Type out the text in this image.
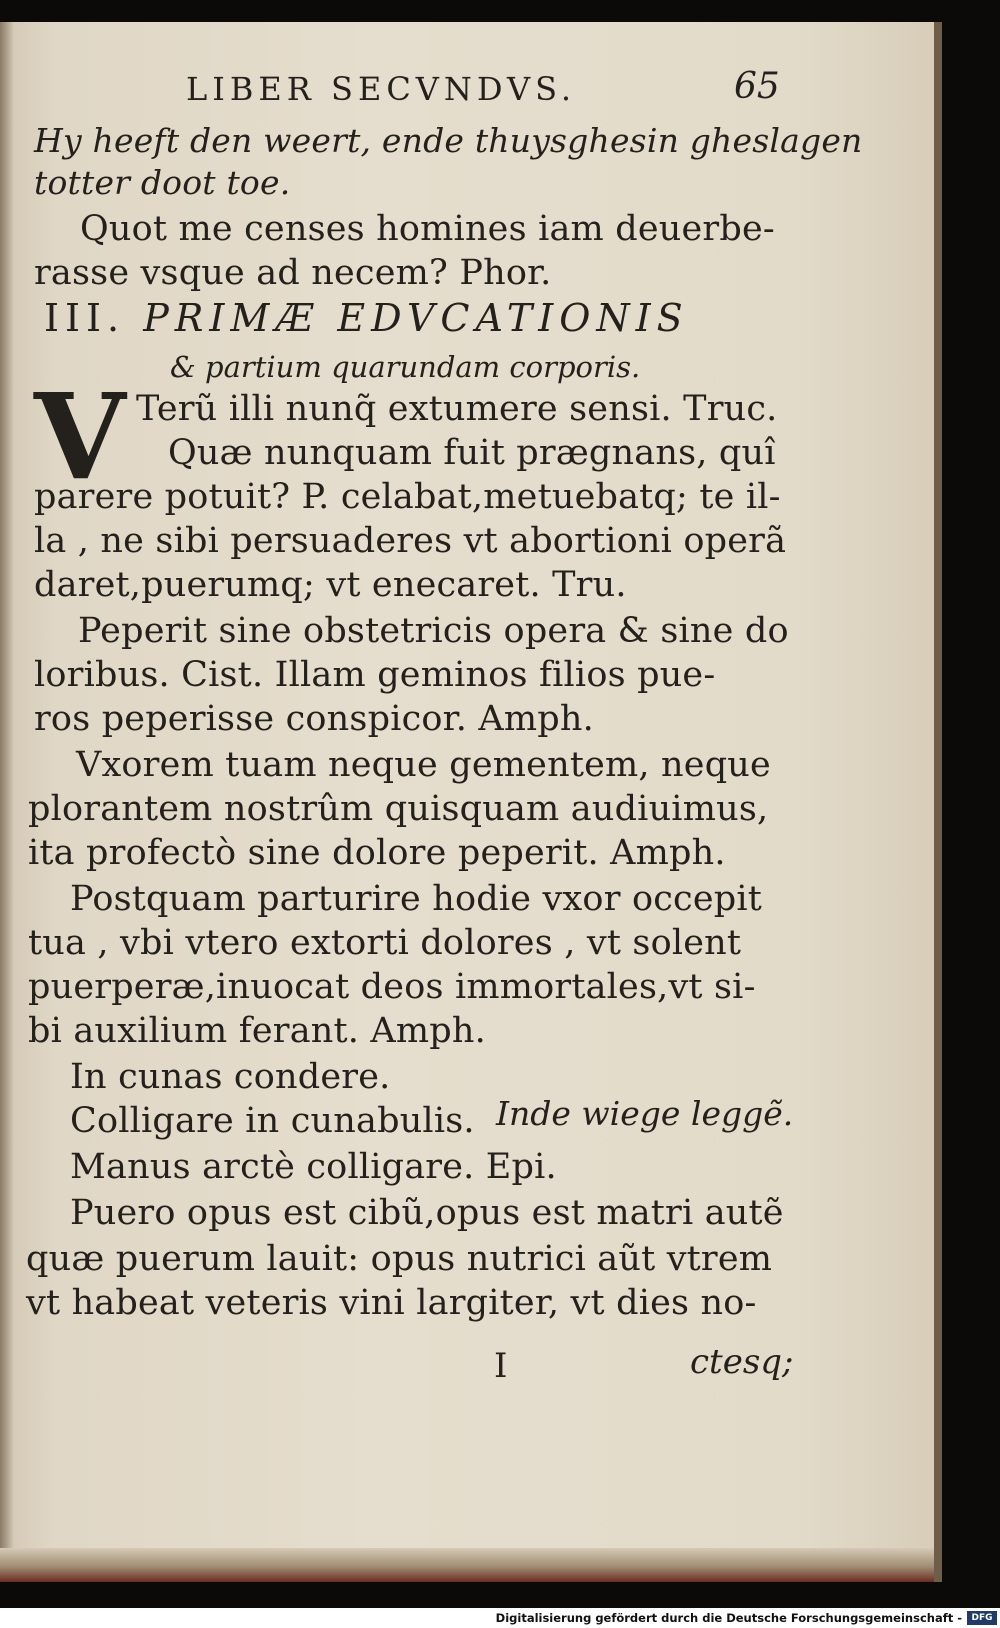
LIBER SECVNDVS.	65
Hy heeft den weert, ende thuysghesin gheslagen
totter doot toe.
Quot me censes homines iam deuerbe-
rasse vsque ad necem? Phor.
III. PRIMÆ EDVCATIONIS
& partium quarundam corporis.
V Terũ illi nunq̃ extumere sensi. Truc.
Quæ nunquam fuit prægnans, quî
parere potuit? P. celabat,metuebatq; te il-
la , ne sibi persuaderes vt abortioni operã
daret,puerumq; vt enecaret. Tru.
Peperit sine obstetricis opera & sine do
loribus. Cist. Illam geminos filios pue-
ros peperisse conspicor. Amph.
Vxorem tuam neque gementem, neque
plorantem nostrûm quisquam audiuimus,
ita profectò sine dolore peperit. Amph.
Postquam parturire hodie vxor occepit
tua , vbi vtero extorti dolores , vt solent
puerperæ,inuocat deos immortales,vt si-
bi auxilium ferant. Amph.
In cunas condere.
Colligare in cunabulis.
Manus arctè colligare. Epi.
Puero opus est cibũ,opus est matri autẽ
quæ puerum lauit: opus nutrici aũt vtrem
vt habeat veteris vini largiter, vt dies no-
Inde wiege leggẽ.
I	ctesq;
Digitalisierung gefördert durch die Deutsche Forschungsgemeinschaft -	DFG
